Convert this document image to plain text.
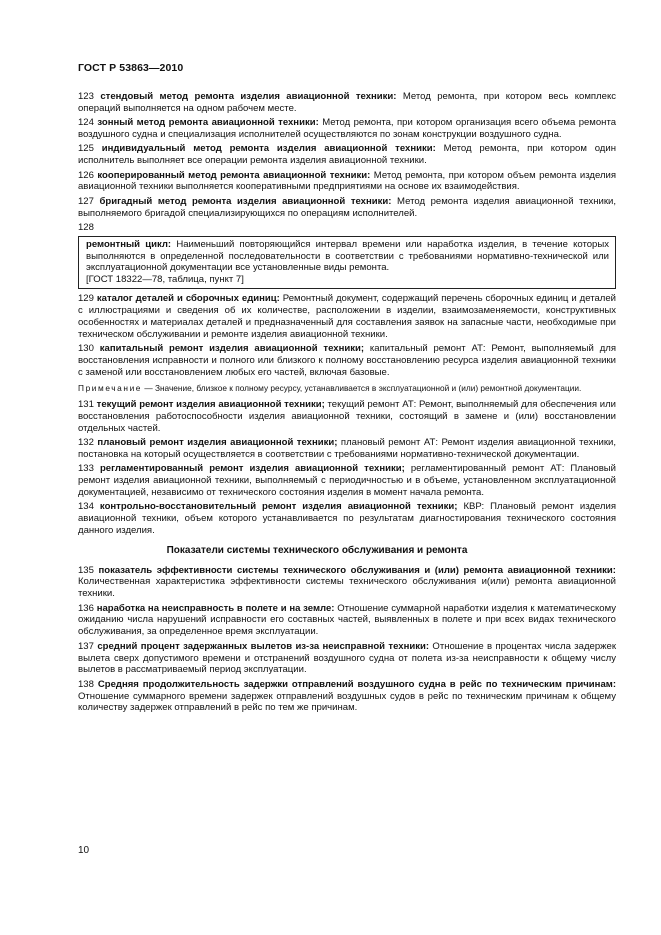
ГОСТ Р 53863—2010

123 стендовый метод ремонта изделия авиационной техники: Метод ремонта, при котором весь комплекс операций выполняется на одном рабочем месте.

124 зонный метод ремонта авиационной техники: Метод ремонта, при котором организация всего объема ремонта воздушного судна и специализация исполнителей осуществляются по зонам конструкции воздушного судна.

125 индивидуальный метод ремонта изделия авиационной техники: Метод ремонта, при котором один исполнитель выполняет все операции ремонта изделия авиационной техники.

126 кооперированный метод ремонта авиационной техники: Метод ремонта, при котором объем ремонта изделия авиационной техники выполняется кооперативными предприятиями на основе их взаимодействия.

127 бригадный метод ремонта изделия авиационной техники: Метод ремонта изделия авиационной техники, выполняемого бригадой специализирующихся по операциям исполнителей.

128

ремонтный цикл: Наименьший повторяющийся интервал времени или наработка изделия, в течение которых выполняются в определенной последовательности в соответствии с требованиями нормативно-технической или эксплуатационной документации все установленные виды ремонта.
[ГОСТ 18322—78, таблица, пункт 7]

129 каталог деталей и сборочных единиц: Ремонтный документ, содержащий перечень сборочных единиц и деталей с иллюстрациями и сведения об их количестве, расположении в изделии, взаимозаменяемости, конструктивных особенностях и материалах деталей и предназначенный для составления заявок на запасные части, необходимые при техническом обслуживании и ремонте изделия авиационной техники.

130 капитальный ремонт изделия авиационной техники; капитальный ремонт АТ: Ремонт, выполняемый для восстановления исправности и полного или близкого к полному восстановлению ресурса изделия авиационной техники с заменой или восстановлением любых его частей, включая базовые.

Примечание — Значение, близкое к полному ресурсу, устанавливается в эксплуатационной и (или) ремонтной документации.

131 текущий ремонт изделия авиационной техники; текущий ремонт АТ: Ремонт, выполняемый для обеспечения или восстановления работоспособности изделия авиационной техники, состоящий в замене и (или) восстановлении отдельных частей.

132 плановый ремонт изделия авиационной техники; плановый ремонт АТ: Ремонт изделия авиационной техники, постановка на который осуществляется в соответствии с требованиями нормативно-технической документации.

133 регламентированный ремонт изделия авиационной техники; регламентированный ремонт АТ: Плановый ремонт изделия авиационной техники, выполняемый с периодичностью и в объеме, установленном эксплуатационной документацией, независимо от технического состояния изделия в момент начала ремонта.

134 контрольно-восстановительный ремонт изделия авиационной техники; КВР: Плановый ремонт изделия авиационной техники, объем которого устанавливается по результатам диагностирования технического состояния данного изделия.

Показатели системы технического обслуживания и ремонта

135 показатель эффективности системы технического обслуживания и (или) ремонта авиационной техники: Количественная характеристика эффективности системы технического обслуживания и(или) ремонта авиационной техники.

136 наработка на неисправность в полете и на земле: Отношение суммарной наработки изделия к математическому ожиданию числа нарушений исправности его составных частей, выявленных в полете и при всех видах технического обслуживания, за определенное время эксплуатации.

137 средний процент задержанных вылетов из-за неисправной техники: Отношение в процентах числа задержек вылета сверх допустимого времени и отстранений воздушного судна от полета из-за неисправности к общему числу вылетов в рассматриваемый период эксплуатации.

138 Средняя продолжительность задержки отправлений воздушного судна в рейс по техническим причинам: Отношение суммарного времени задержек отправлений воздушных судов в рейс по техническим причинам к общему количеству задержек отправлений в рейс по тем же причинам.

10
